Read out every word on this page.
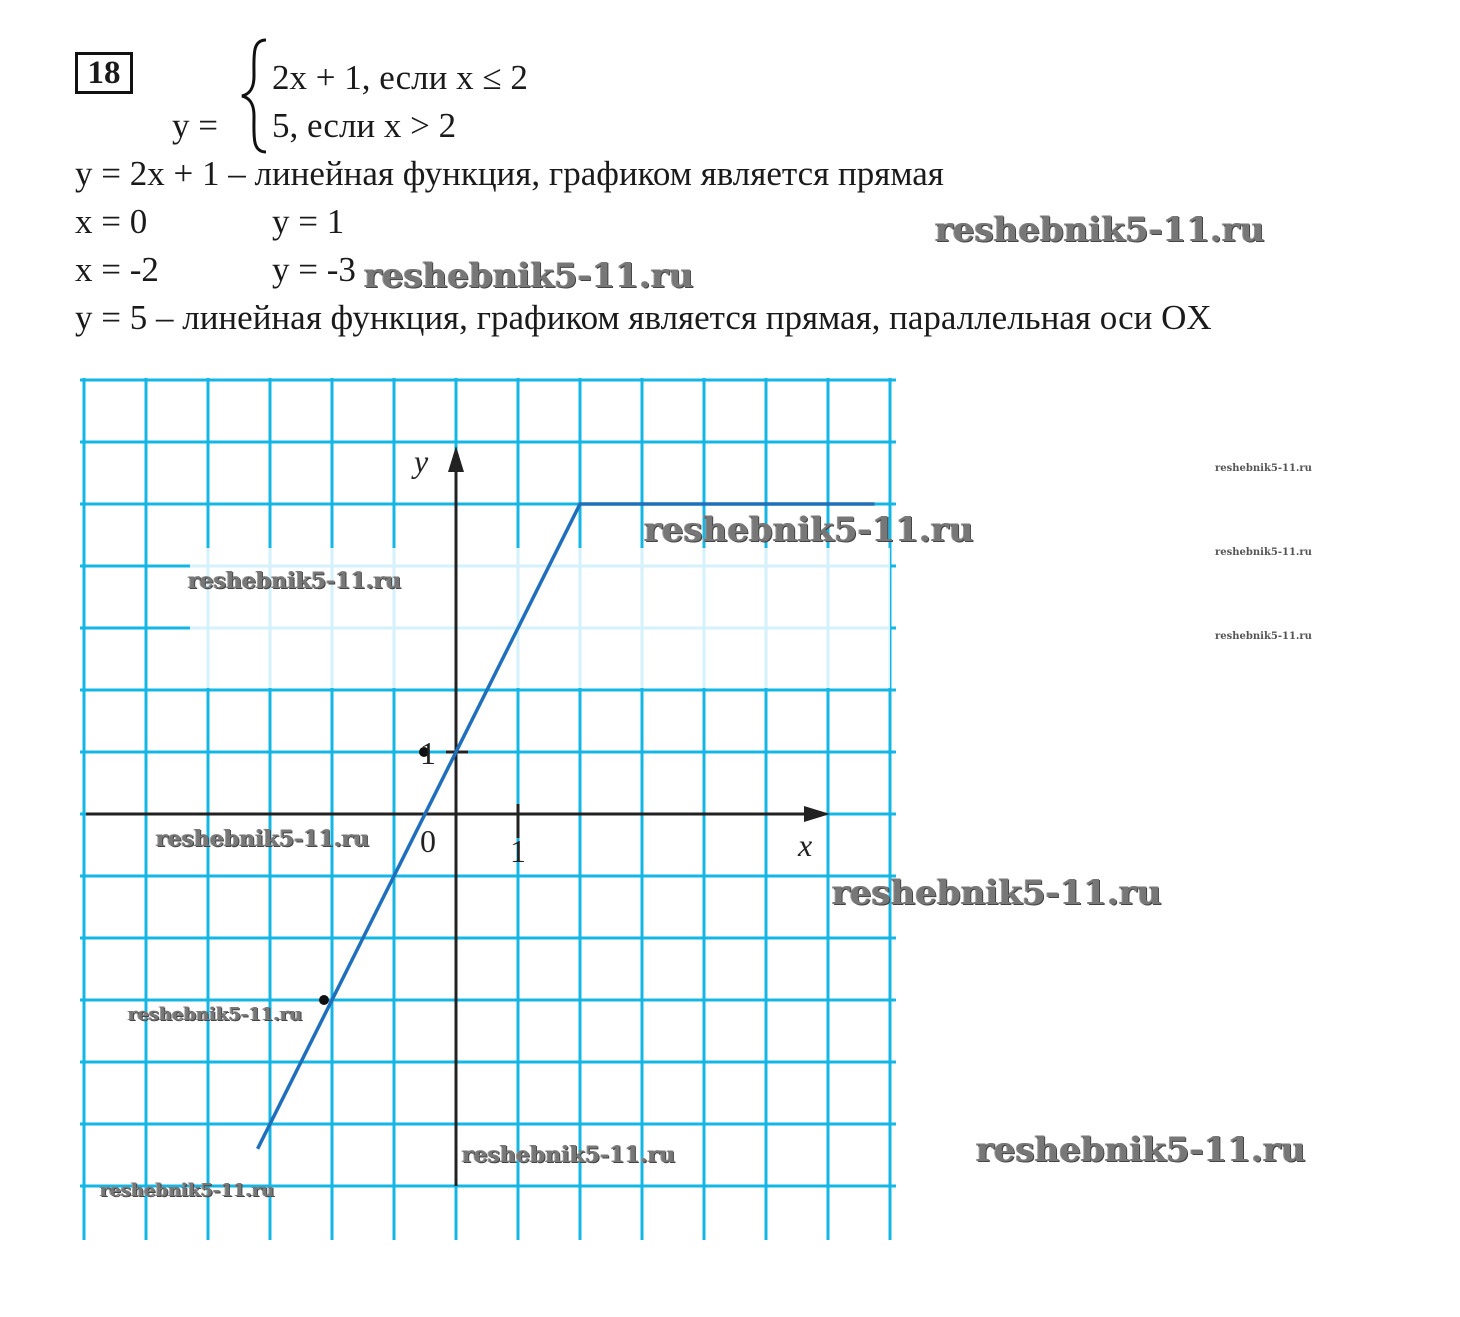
18
y =
2x + 1, если x ≤ 2
5, если x > 2
y = 2x + 1 – линейная функция, графиком является прямая
x = 0	y = 1
x = -2	y = -3
y = 5 – линейная функция, графиком является прямая, параллельная оси OX
y
x
0 1
1
reshebnik5-11.ru
reshebnik5-11.ru
reshebnik5-11.ru
reshebnik5-11.ru
reshebnik5-11.ru
reshebnik5-11.ru
reshebnik5-11.ru
reshebnik5-11.ru	reshebnik5-11.ru
reshebnik5-11.ru
reshebnik5-11.ru
reshebnik5-11.ru
reshebnik5-11.ru
